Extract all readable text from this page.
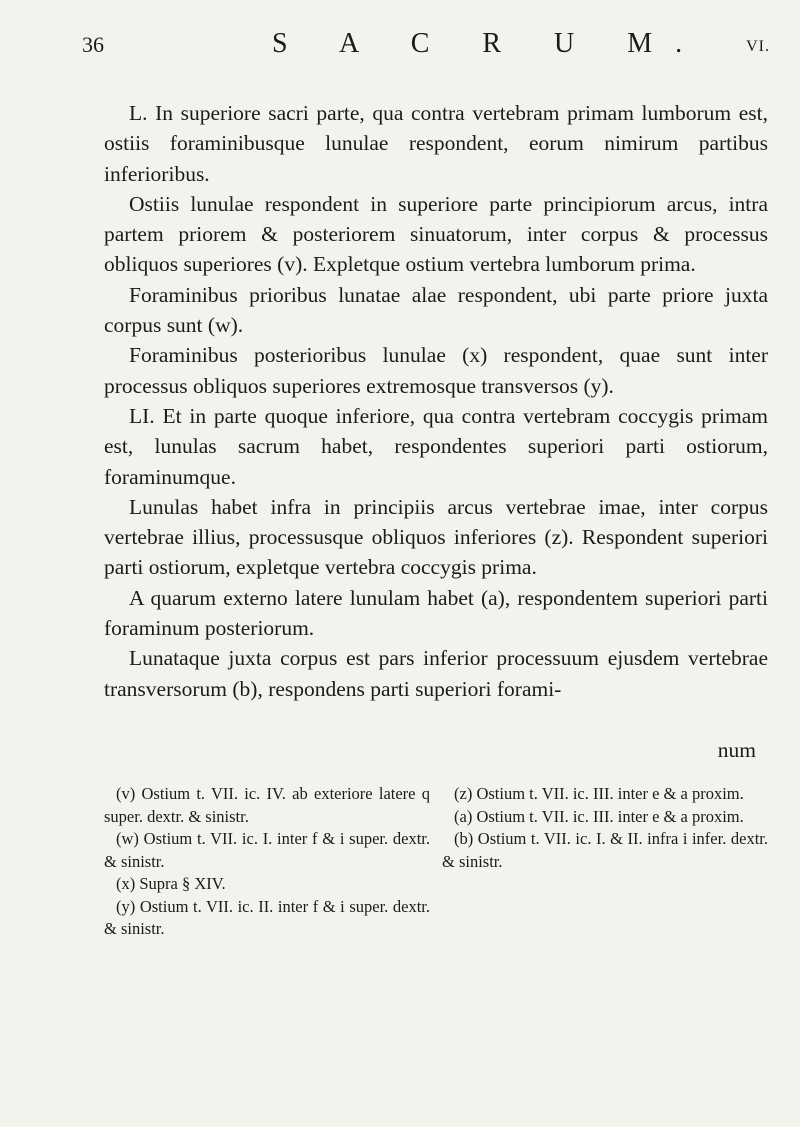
36	S A C R U M.	VI.

L. In superiore sacri parte, qua contra vertebram primam lumborum est, ostiis foraminibusque lunulae respondent, eorum nimirum partibus inferioribus.

Ostiis lunulae respondent in superiore parte principiorum arcus, intra partem priorem & posteriorem sinuatorum, inter corpus & processus obliquos superiores (v). Expletque ostium vertebra lumborum prima.

Foraminibus prioribus lunatae alae respondent, ubi parte priore juxta corpus sunt (w).

Foraminibus posterioribus lunulae (x) respondent, quae sunt inter processus obliquos superiores extremosque transversos (y).

LI. Et in parte quoque inferiore, qua contra vertebram coccygis primam est, lunulas sacrum habet, respondentes superiori parti ostiorum, foraminumque.

Lunulas habet infra in principiis arcus vertebrae imae, inter corpus vertebrae illius, processusque obliquos inferiores (z). Respondent superiori parti ostiorum, expletque vertebra coccygis prima.

A quarum externo latere lunulam habet (a), respondentem superiori parti foraminum posteriorum.

Lunataque juxta corpus est pars inferior processuum ejusdem vertebrae transversorum (b), respondens parti superiori forami-

num

(v) Ostium t. VII. ic. IV. ab exteriore latere q super. dextr. & sinistr.

(w) Ostium t. VII. ic. I. inter f & i super. dextr. & sinistr.

(x) Supra § XIV.

(y) Ostium t. VII. ic. II. inter f & i super. dextr. & sinistr.

(z) Ostium t. VII. ic. III. inter e & a proxim.

(a) Ostium t. VII. ic. III. inter e & a proxim.

(b) Ostium t. VII. ic. I. & II. infra i infer. dextr. & sinistr.
